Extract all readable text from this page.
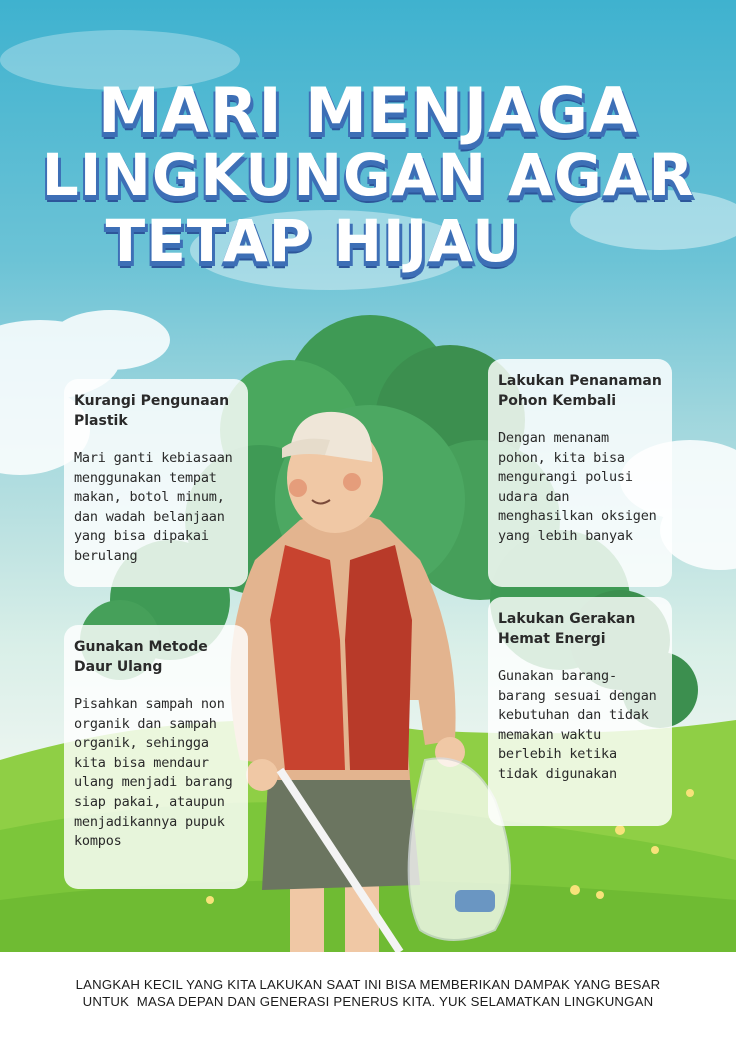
MARI MENJAGA
LINGKUNGAN AGAR
TETAP HIJAU
Kurangi Pengunaan Plastik

Mari ganti kebiasaan menggunakan tempat makan, botol minum, dan wadah belanjaan yang bisa dipakai berulang

Lakukan Penanaman Pohon Kembali

Dengan menanam pohon, kita bisa mengurangi polusi udara dan menghasilkan oksigen yang lebih banyak

Gunakan Metode Daur Ulang

Pisahkan sampah non organik dan sampah organik, sehingga kita bisa mendaur ulang menjadi barang siap pakai, ataupun menjadikannya pupuk kompos

Lakukan Gerakan Hemat Energi

Gunakan barang-barang sesuai dengan kebutuhan dan tidak memakan waktu berlebih ketika tidak digunakan

LANGKAH KECIL YANG KITA LAKUKAN SAAT INI BISA MEMBERIKAN DAMPAK YANG BESAR
UNTUK  MASA DEPAN DAN GENERASI PENERUS KITA. YUK SELAMATKAN LINGKUNGAN
